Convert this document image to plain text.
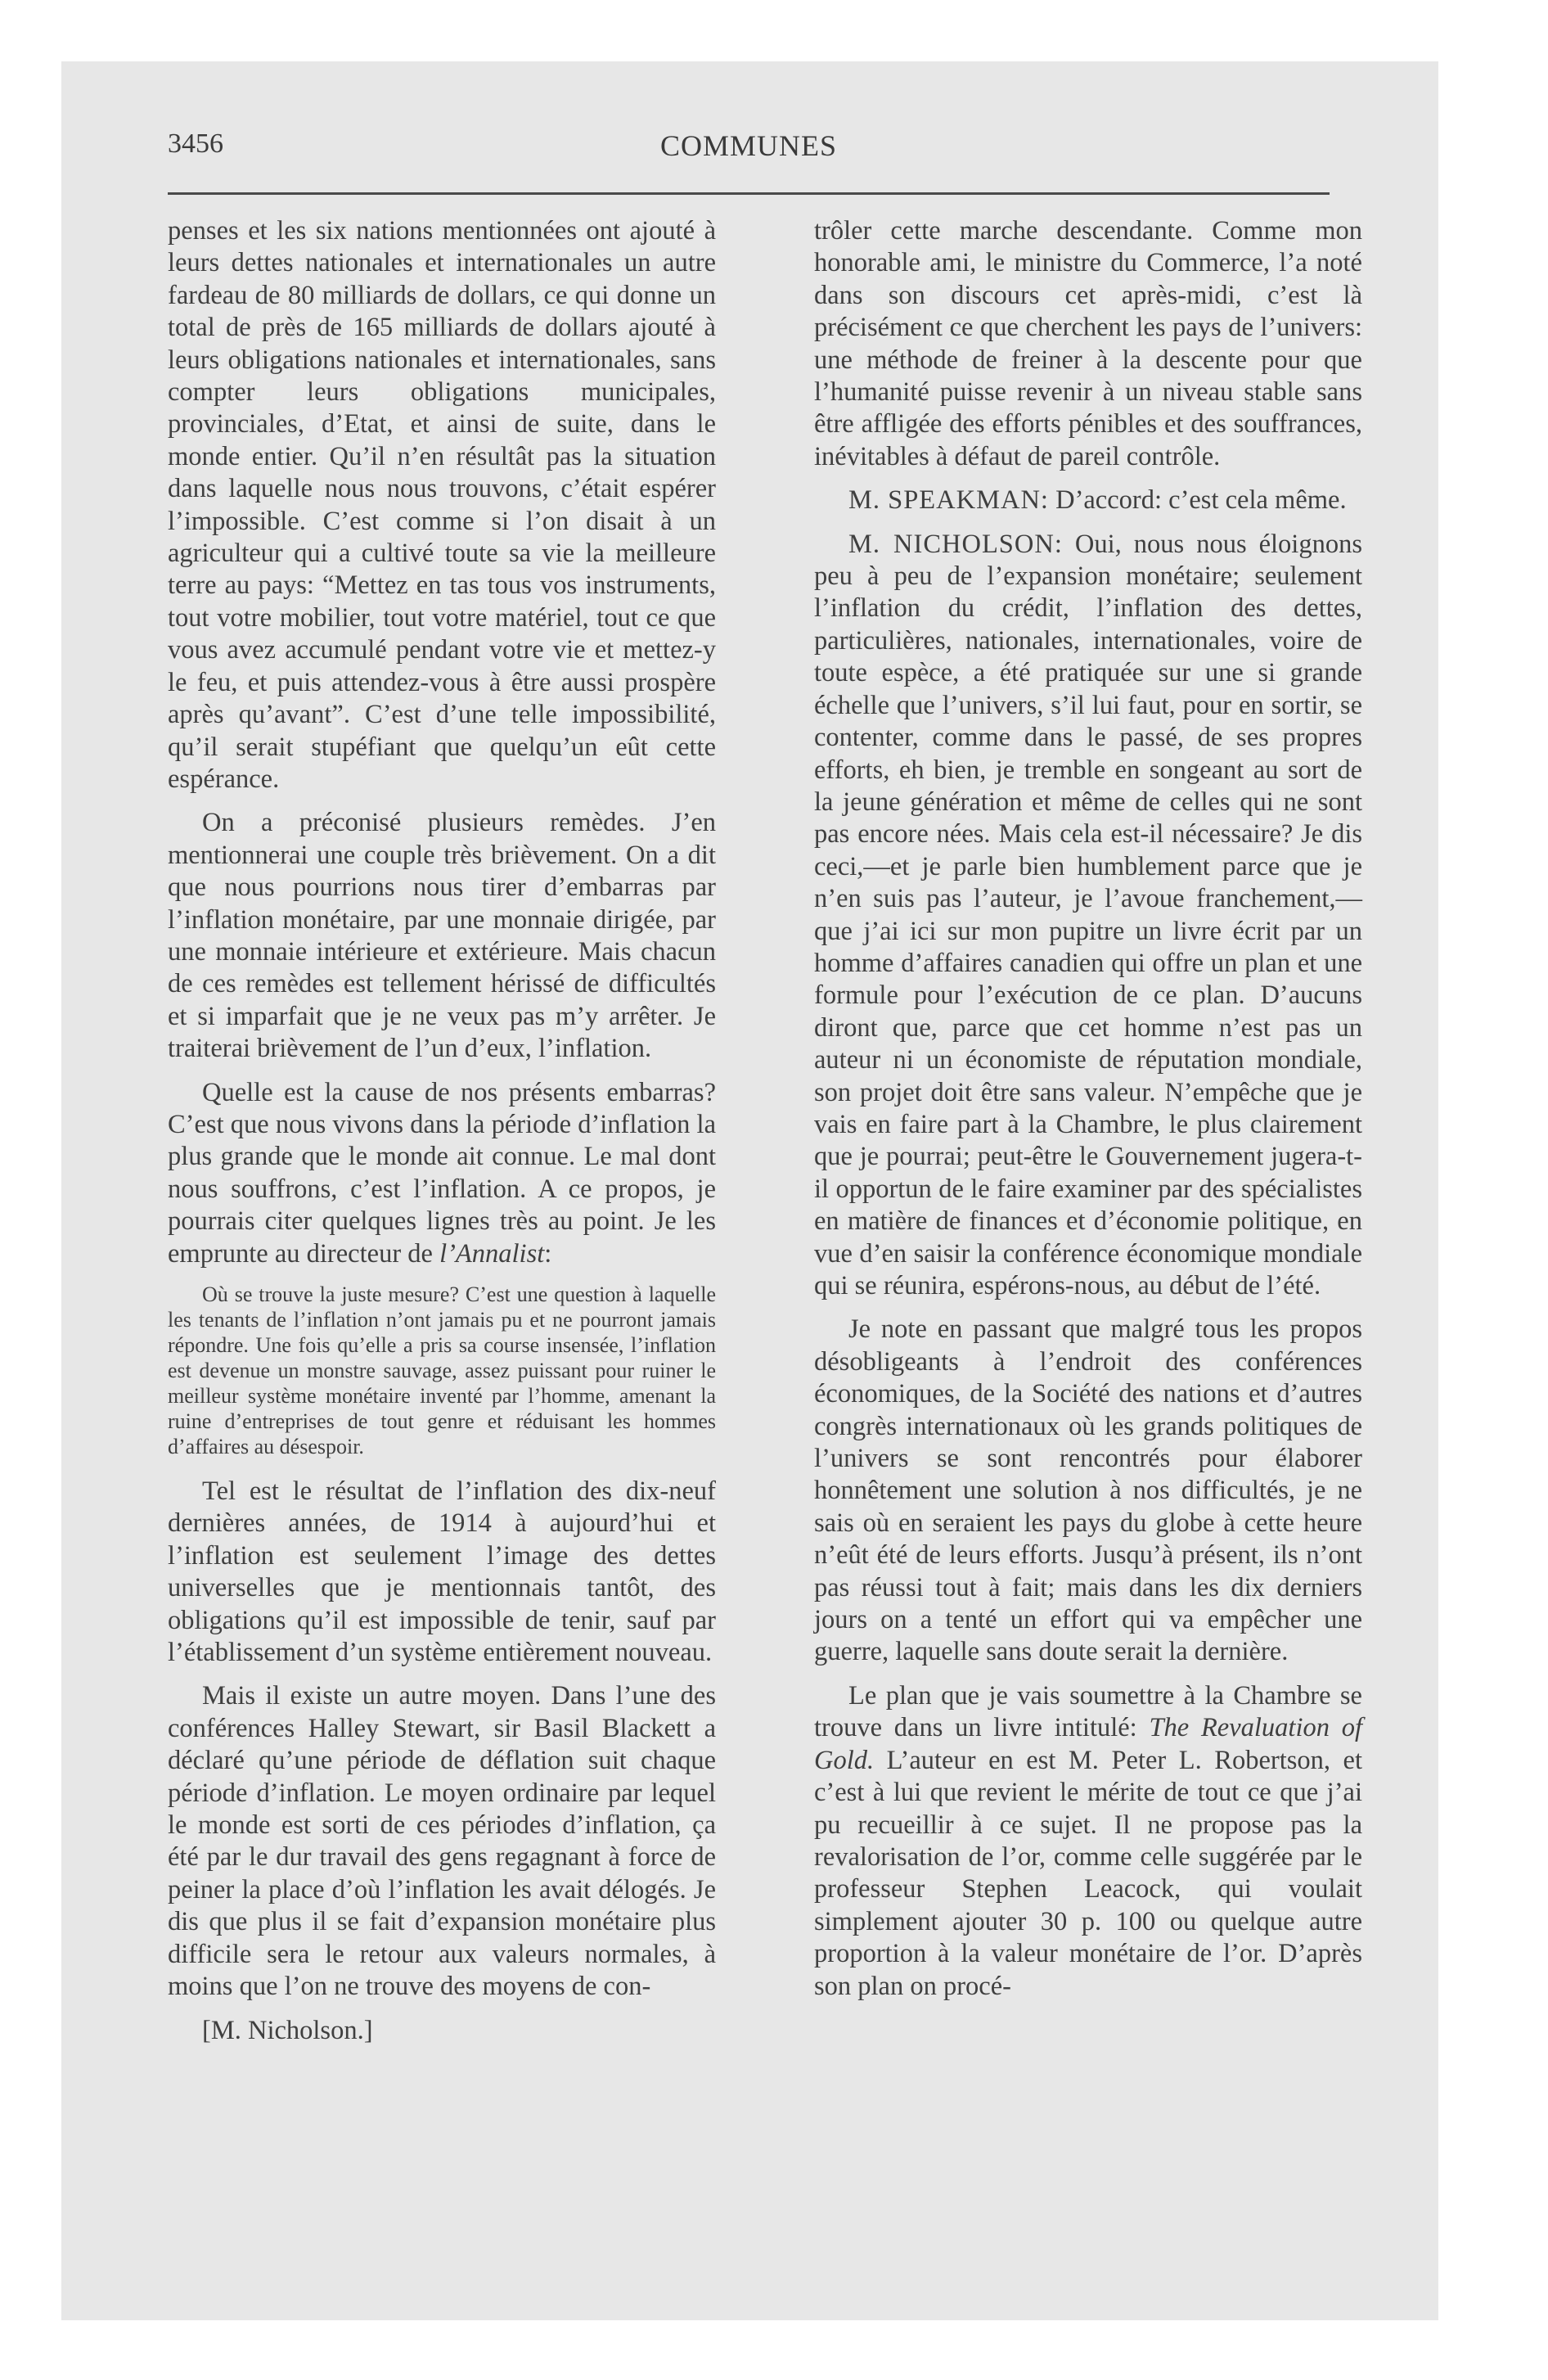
3456	COMMUNES

penses et les six nations mentionnées ont ajouté à leurs dettes nationales et internationales un autre fardeau de 80 milliards de dollars, ce qui donne un total de près de 165 milliards de dollars ajouté à leurs obligations nationales et internationales, sans compter leurs obligations municipales, provinciales, d’Etat, et ainsi de suite, dans le monde entier. Qu’il n’en résultât pas la situation dans laquelle nous nous trouvons, c’était espérer l’impossible. C’est comme si l’on disait à un agriculteur qui a cultivé toute sa vie la meilleure terre au pays: “Mettez en tas tous vos instruments, tout votre mobilier, tout votre matériel, tout ce que vous avez accumulé pendant votre vie et mettez-y le feu, et puis attendez-vous à être aussi prospère après qu’avant”. C’est d’une telle impossibilité, qu’il serait stupéfiant que quelqu’un eût cette espérance.

On a préconisé plusieurs remèdes. J’en mentionnerai une couple très brièvement. On a dit que nous pourrions nous tirer d’embarras par l’inflation monétaire, par une monnaie dirigée, par une monnaie intérieure et extérieure. Mais chacun de ces remèdes est tellement hérissé de difficultés et si imparfait que je ne veux pas m’y arrêter. Je traiterai brièvement de l’un d’eux, l’inflation.

Quelle est la cause de nos présents embarras? C’est que nous vivons dans la période d’inflation la plus grande que le monde ait connue. Le mal dont nous souffrons, c’est l’inflation. A ce propos, je pourrais citer quelques lignes très au point. Je les emprunte au directeur de l’Annalist:

Où se trouve la juste mesure? C’est une question à laquelle les tenants de l’inflation n’ont jamais pu et ne pourront jamais répondre. Une fois qu’elle a pris sa course insensée, l’inflation est devenue un monstre sauvage, assez puissant pour ruiner le meilleur système monétaire inventé par l’homme, amenant la ruine d’entreprises de tout genre et réduisant les hommes d’affaires au désespoir.

Tel est le résultat de l’inflation des dix-neuf dernières années, de 1914 à aujourd’hui et l’inflation est seulement l’image des dettes universelles que je mentionnais tantôt, des obligations qu’il est impossible de tenir, sauf par l’établissement d’un système entièrement nouveau.

Mais il existe un autre moyen. Dans l’une des conférences Halley Stewart, sir Basil Blackett a déclaré qu’une période de déflation suit chaque période d’inflation. Le moyen ordinaire par lequel le monde est sorti de ces périodes d’inflation, ça été par le dur travail des gens regagnant à force de peiner la place d’où l’inflation les avait délogés. Je dis que plus il se fait d’expansion monétaire plus difficile sera le retour aux valeurs normales, à moins que l’on ne trouve des moyens de con-

[M. Nicholson.]

trôler cette marche descendante. Comme mon honorable ami, le ministre du Commerce, l’a noté dans son discours cet après-midi, c’est là précisément ce que cherchent les pays de l’univers: une méthode de freiner à la descente pour que l’humanité puisse revenir à un niveau stable sans être affligée des efforts pénibles et des souffrances, inévitables à défaut de pareil contrôle.

M. SPEAKMAN: D’accord: c’est cela même.

M. NICHOLSON: Oui, nous nous éloignons peu à peu de l’expansion monétaire; seulement l’inflation du crédit, l’inflation des dettes, particulières, nationales, internationales, voire de toute espèce, a été pratiquée sur une si grande échelle que l’univers, s’il lui faut, pour en sortir, se contenter, comme dans le passé, de ses propres efforts, eh bien, je tremble en songeant au sort de la jeune génération et même de celles qui ne sont pas encore nées. Mais cela est-il nécessaire? Je dis ceci,—et je parle bien humblement parce que je n’en suis pas l’auteur, je l’avoue franchement,—que j’ai ici sur mon pupitre un livre écrit par un homme d’affaires canadien qui offre un plan et une formule pour l’exécution de ce plan. D’aucuns diront que, parce que cet homme n’est pas un auteur ni un économiste de réputation mondiale, son projet doit être sans valeur. N’empêche que je vais en faire part à la Chambre, le plus clairement que je pourrai; peut-être le Gouvernement jugera-t-il opportun de le faire examiner par des spécialistes en matière de finances et d’économie politique, en vue d’en saisir la conférence économique mondiale qui se réunira, espérons-nous, au début de l’été.

Je note en passant que malgré tous les propos désobligeants à l’endroit des conférences économiques, de la Société des nations et d’autres congrès internationaux où les grands politiques de l’univers se sont rencontrés pour élaborer honnêtement une solution à nos difficultés, je ne sais où en seraient les pays du globe à cette heure n’eût été de leurs efforts. Jusqu’à présent, ils n’ont pas réussi tout à fait; mais dans les dix derniers jours on a tenté un effort qui va empêcher une guerre, laquelle sans doute serait la dernière.

Le plan que je vais soumettre à la Chambre se trouve dans un livre intitulé: The Revaluation of Gold. L’auteur en est M. Peter L. Robertson, et c’est à lui que revient le mérite de tout ce que j’ai pu recueillir à ce sujet. Il ne propose pas la revalorisation de l’or, comme celle suggérée par le professeur Stephen Leacock, qui voulait simplement ajouter 30 p. 100 ou quelque autre proportion à la valeur monétaire de l’or. D’après son plan on procé-
